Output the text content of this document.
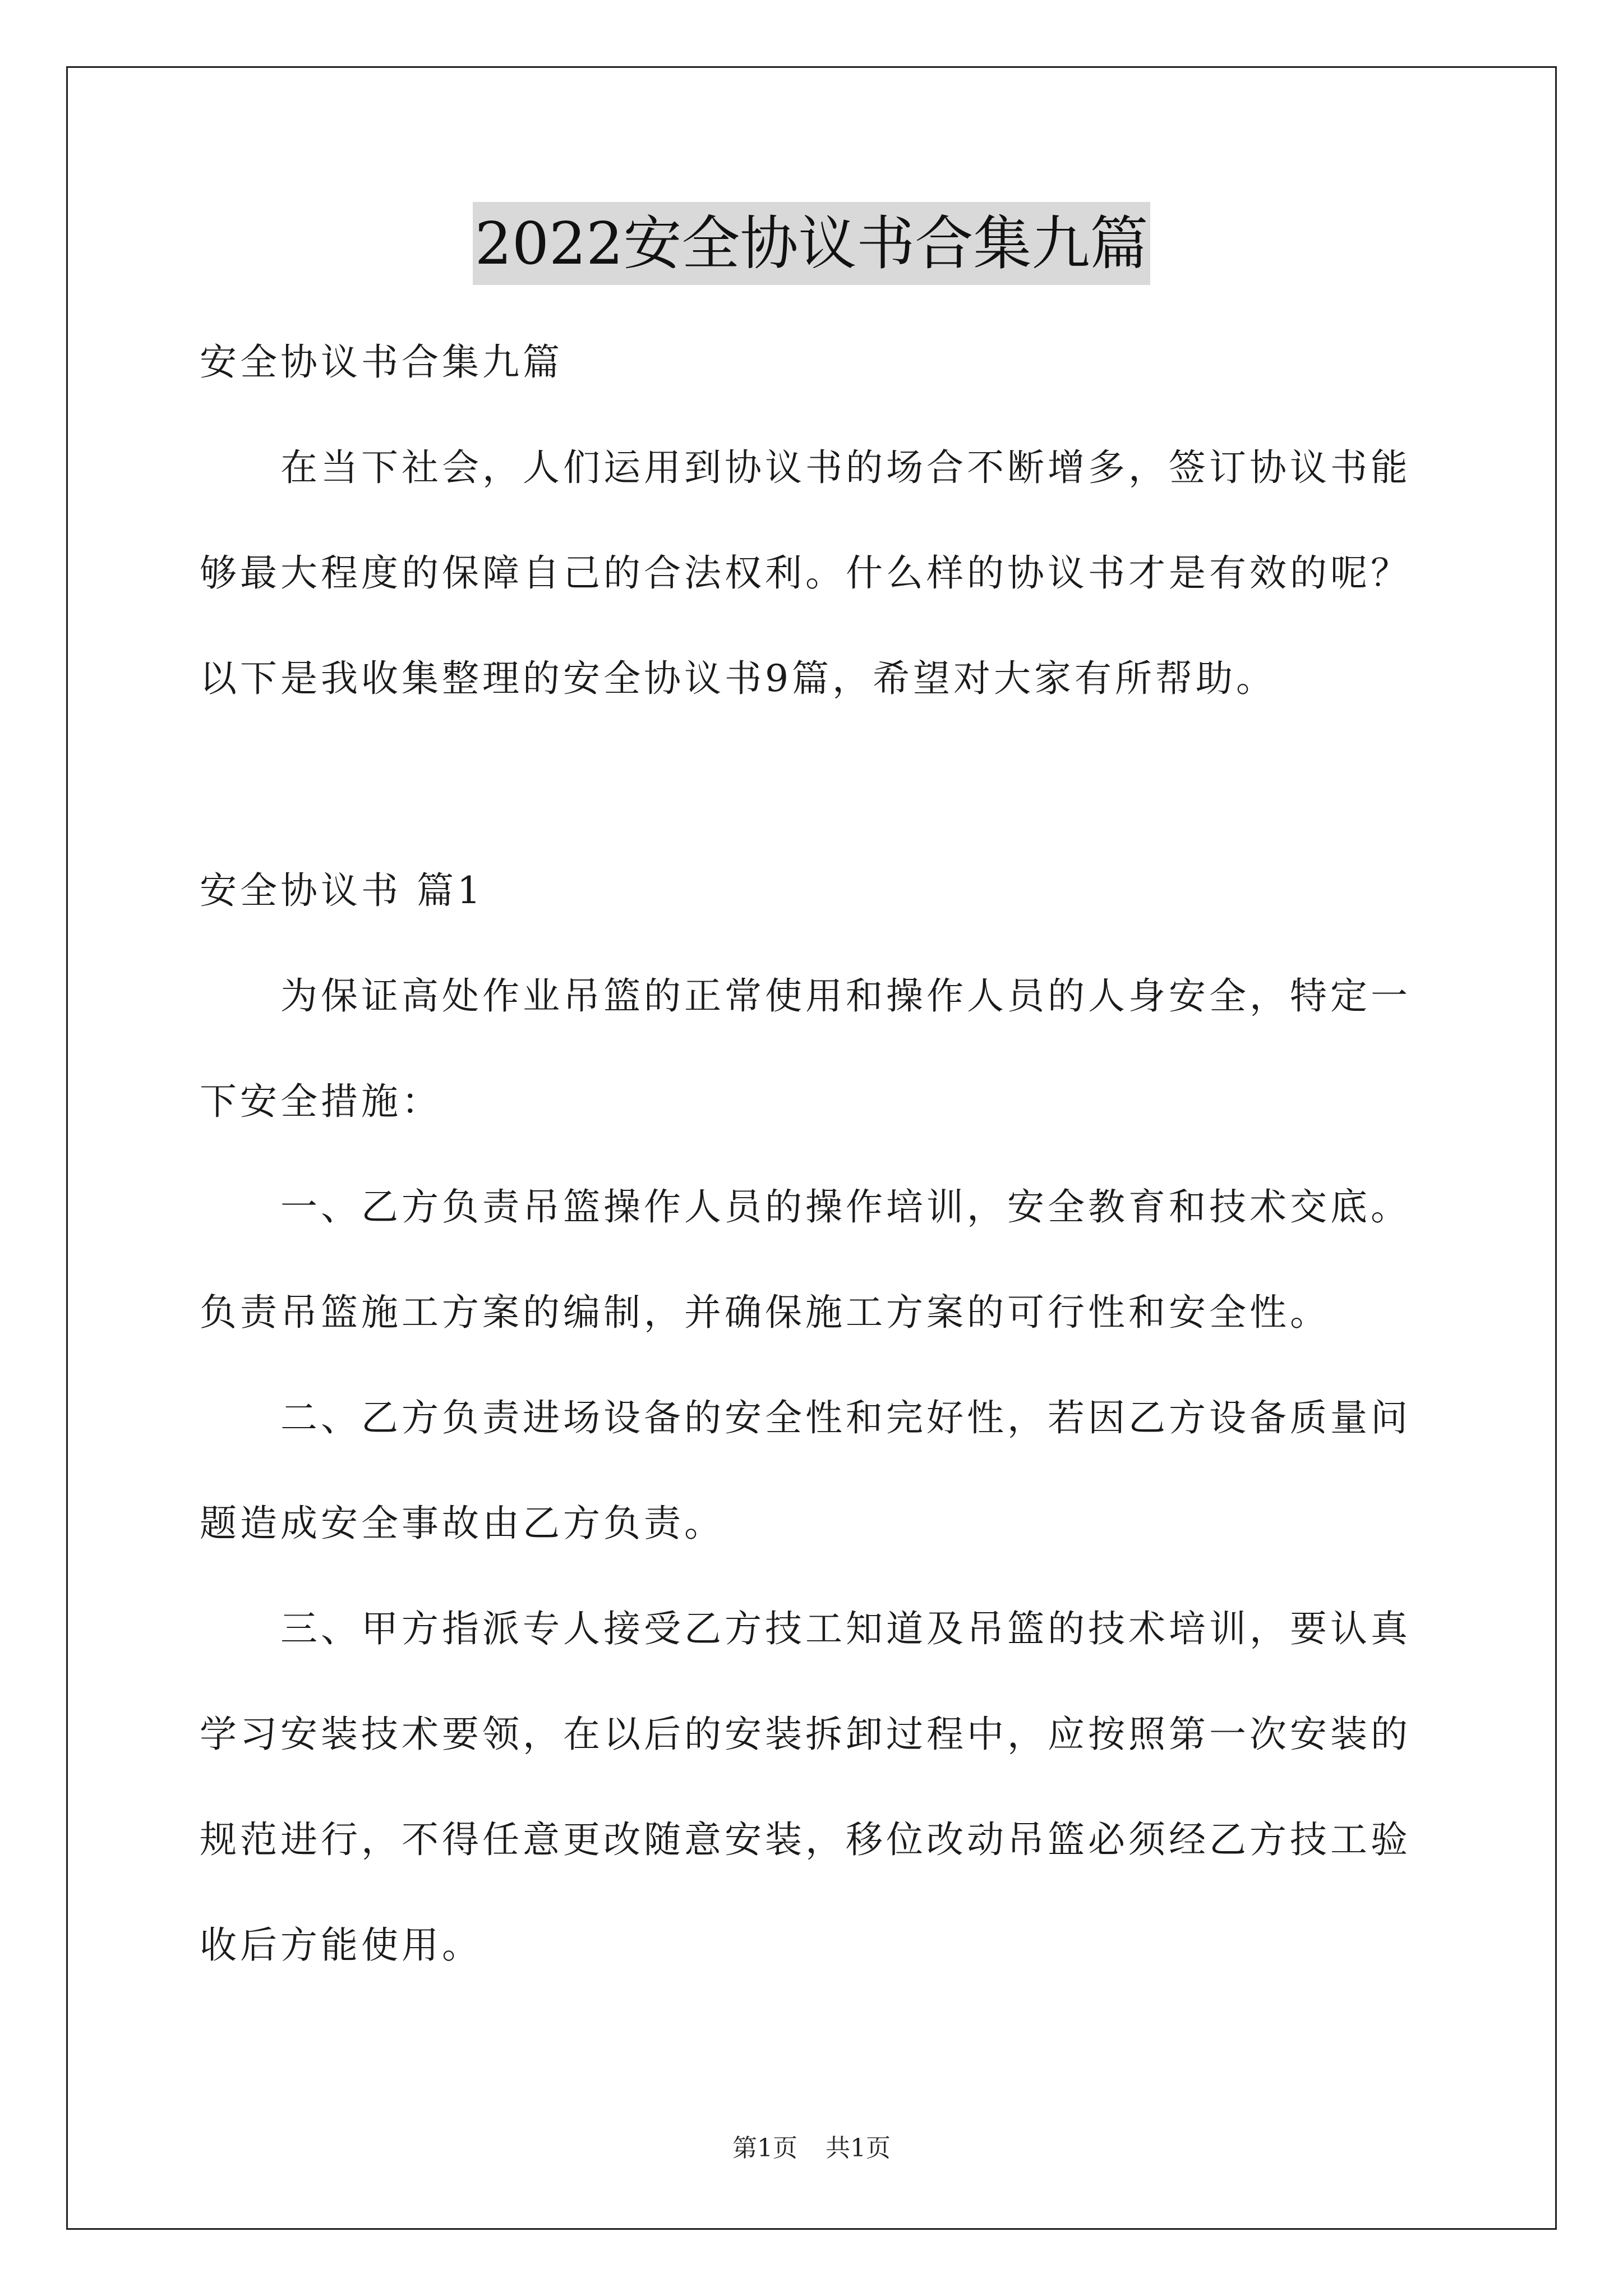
2022安全协议书合集九篇
安全协议书合集九篇
　　在当下社会，人们运用到协议书的场合不断增多，签订协议书能
够最大程度的保障自己的合法权利。什么样的协议书才是有效的呢？
以下是我收集整理的安全协议书9篇，希望对大家有所帮助。
安全协议书 篇1
　　为保证高处作业吊篮的正常使用和操作人员的人身安全，特定一
下安全措施：
　　一、乙方负责吊篮操作人员的操作培训，安全教育和技术交底。
负责吊篮施工方案的编制，并确保施工方案的可行性和安全性。
　　二、乙方负责进场设备的安全性和完好性，若因乙方设备质量问
题造成安全事故由乙方负责。
　　三、甲方指派专人接受乙方技工知道及吊篮的技术培训，要认真
学习安装技术要领，在以后的安装拆卸过程中，应按照第一次安装的
规范进行，不得任意更改随意安装，移位改动吊篮必须经乙方技工验
收后方能使用。
第1页 共1页
